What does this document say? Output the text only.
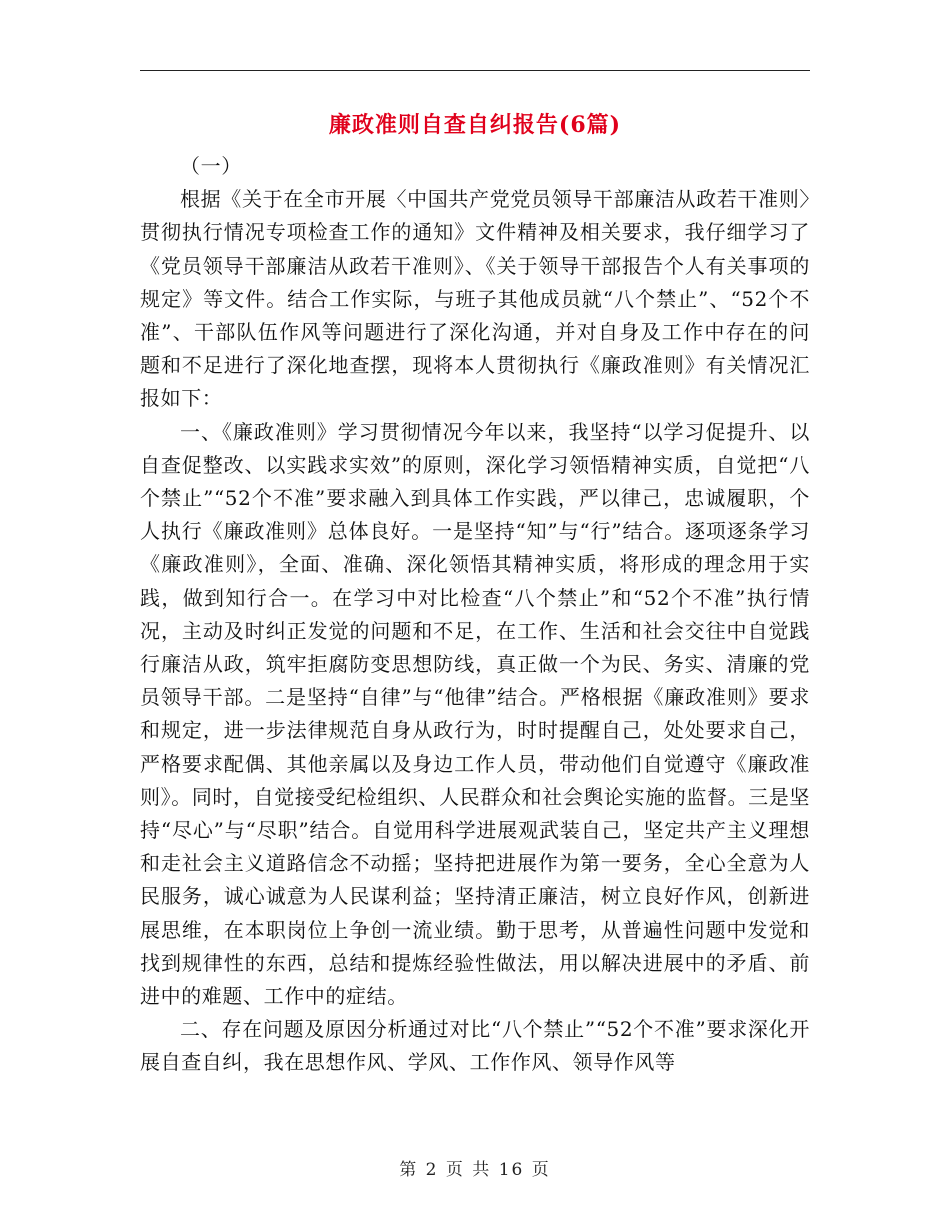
廉政准则自查自纠报告(6篇)

（一）

根据《关于在全市开展〈中国共产党党员领导干部廉洁从政若干准则〉贯彻执行情况专项检查工作的通知》文件精神及相关要求，我仔细学习了《党员领导干部廉洁从政若干准则》、《关于领导干部报告个人有关事项的规定》等文件。结合工作实际，与班子其他成员就“八个禁止”、“52个不准”、干部队伍作风等问题进行了深化沟通，并对自身及工作中存在的问题和不足进行了深化地查摆，现将本人贯彻执行《廉政准则》有关情况汇报如下：

一、《廉政准则》学习贯彻情况今年以来，我坚持“以学习促提升、以自查促整改、以实践求实效”的原则，深化学习领悟精神实质，自觉把“八个禁止”“52个不准”要求融入到具体工作实践，严以律己，忠诚履职，个人执行《廉政准则》总体良好。一是坚持“知”与“行”结合。逐项逐条学习《廉政准则》，全面、准确、深化领悟其精神实质，将形成的理念用于实践，做到知行合一。在学习中对比检查“八个禁止”和“52个不准”执行情况，主动及时纠正发觉的问题和不足，在工作、生活和社会交往中自觉践行廉洁从政，筑牢拒腐防变思想防线，真正做一个为民、务实、清廉的党员领导干部。二是坚持“自律”与“他律”结合。严格根据《廉政准则》要求和规定，进一步法律规范自身从政行为，时时提醒自己，处处要求自己，严格要求配偶、其他亲属以及身边工作人员，带动他们自觉遵守《廉政准则》。同时，自觉接受纪检组织、人民群众和社会舆论实施的监督。三是坚持“尽心”与“尽职”结合。自觉用科学进展观武装自己，坚定共产主义理想和走社会主义道路信念不动摇；坚持把进展作为第一要务，全心全意为人民服务，诚心诚意为人民谋利益；坚持清正廉洁，树立良好作风，创新进展思维，在本职岗位上争创一流业绩。勤于思考，从普遍性问题中发觉和找到规律性的东西，总结和提炼经验性做法，用以解决进展中的矛盾、前进中的难题、工作中的症结。

二、存在问题及原因分析通过对比“八个禁止”“52个不准”要求深化开展自查自纠，我在思想作风、学风、工作作风、领导作风等

第 2 页 共 16 页
